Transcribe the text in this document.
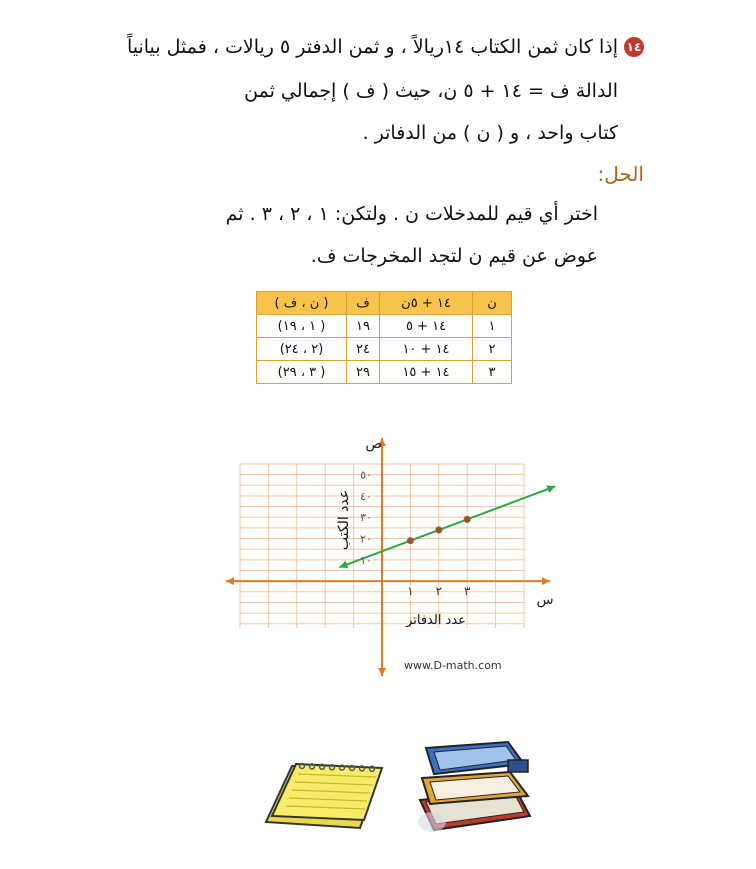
١٤إذا كان ثمن الكتاب ١٤ريالاً ، و ثمن الدفتر ٥ ريالات ، فمثل بيانياً
الدالة ف = ١٤ + ٥ ن، حيث ( ف ) إجمالي ثمن
كتاب واحد ، و ( ن ) من الدفاتر .
الحل:
اختر أي قيم للمدخلات ن . ولتكن: ١ ، ٢ ، ٣ . ثم
عوض عن قيم ن لتجد المخرجات ف.
ن	١٤ + ٥ن	ف	( ن ، ف )
١	١٤ + ٥	١٩	( ١ ، ١٩)
٢	١٤ + ١٠	٢٤	(٢ ، ٢٤)
٣	١٤ + ١٥	٢٩	( ٣ ، ٢٩)
١ ٢ ٣
١٠
٢٠
٣٠
٤٠
٥٠
س
ص
عدد الدفاتر
عدد الكتب
www.D-math.com
